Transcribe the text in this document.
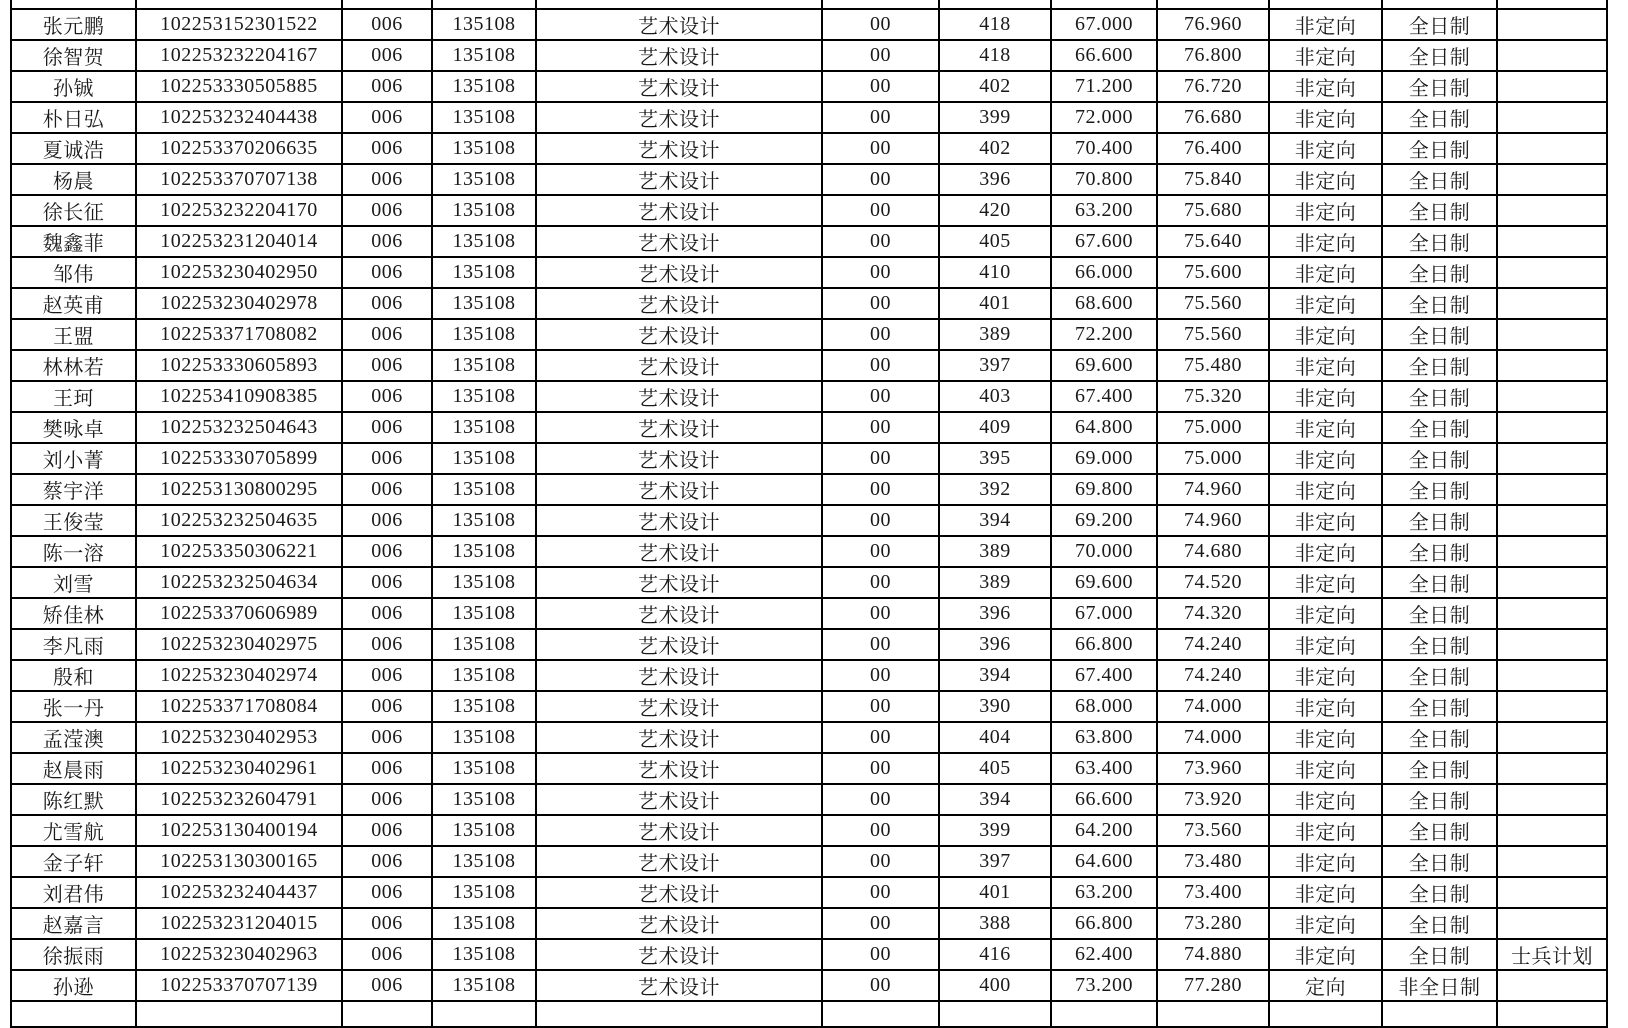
张元鹏	102253152301522	006	135108	艺术设计	00	418	67.000	76.960	非定向	全日制	
徐智贺	102253232204167	006	135108	艺术设计	00	418	66.600	76.800	非定向	全日制	
孙铖	102253330505885	006	135108	艺术设计	00	402	71.200	76.720	非定向	全日制	
朴日弘	102253232404438	006	135108	艺术设计	00	399	72.000	76.680	非定向	全日制	
夏诚浩	102253370206635	006	135108	艺术设计	00	402	70.400	76.400	非定向	全日制	
杨晨	102253370707138	006	135108	艺术设计	00	396	70.800	75.840	非定向	全日制	
徐长征	102253232204170	006	135108	艺术设计	00	420	63.200	75.680	非定向	全日制	
魏鑫菲	102253231204014	006	135108	艺术设计	00	405	67.600	75.640	非定向	全日制	
邹伟	102253230402950	006	135108	艺术设计	00	410	66.000	75.600	非定向	全日制	
赵英甫	102253230402978	006	135108	艺术设计	00	401	68.600	75.560	非定向	全日制	
王盟	102253371708082	006	135108	艺术设计	00	389	72.200	75.560	非定向	全日制	
林林若	102253330605893	006	135108	艺术设计	00	397	69.600	75.480	非定向	全日制	
王珂	102253410908385	006	135108	艺术设计	00	403	67.400	75.320	非定向	全日制	
樊咏卓	102253232504643	006	135108	艺术设计	00	409	64.800	75.000	非定向	全日制	
刘小菁	102253330705899	006	135108	艺术设计	00	395	69.000	75.000	非定向	全日制	
蔡宇洋	102253130800295	006	135108	艺术设计	00	392	69.800	74.960	非定向	全日制	
王俊莹	102253232504635	006	135108	艺术设计	00	394	69.200	74.960	非定向	全日制	
陈一溶	102253350306221	006	135108	艺术设计	00	389	70.000	74.680	非定向	全日制	
刘雪	102253232504634	006	135108	艺术设计	00	389	69.600	74.520	非定向	全日制	
矫佳林	102253370606989	006	135108	艺术设计	00	396	67.000	74.320	非定向	全日制	
李凡雨	102253230402975	006	135108	艺术设计	00	396	66.800	74.240	非定向	全日制	
殷和	102253230402974	006	135108	艺术设计	00	394	67.400	74.240	非定向	全日制	
张一丹	102253371708084	006	135108	艺术设计	00	390	68.000	74.000	非定向	全日制	
孟滢澳	102253230402953	006	135108	艺术设计	00	404	63.800	74.000	非定向	全日制	
赵晨雨	102253230402961	006	135108	艺术设计	00	405	63.400	73.960	非定向	全日制	
陈红默	102253232604791	006	135108	艺术设计	00	394	66.600	73.920	非定向	全日制	
尤雪航	102253130400194	006	135108	艺术设计	00	399	64.200	73.560	非定向	全日制	
金子轩	102253130300165	006	135108	艺术设计	00	397	64.600	73.480	非定向	全日制	
刘君伟	102253232404437	006	135108	艺术设计	00	401	63.200	73.400	非定向	全日制	
赵嘉言	102253231204015	006	135108	艺术设计	00	388	66.800	73.280	非定向	全日制	
徐振雨	102253230402963	006	135108	艺术设计	00	416	62.400	74.880	非定向	全日制	士兵计划
孙逊	102253370707139	006	135108	艺术设计	00	400	73.200	77.280	定向	非全日制	
